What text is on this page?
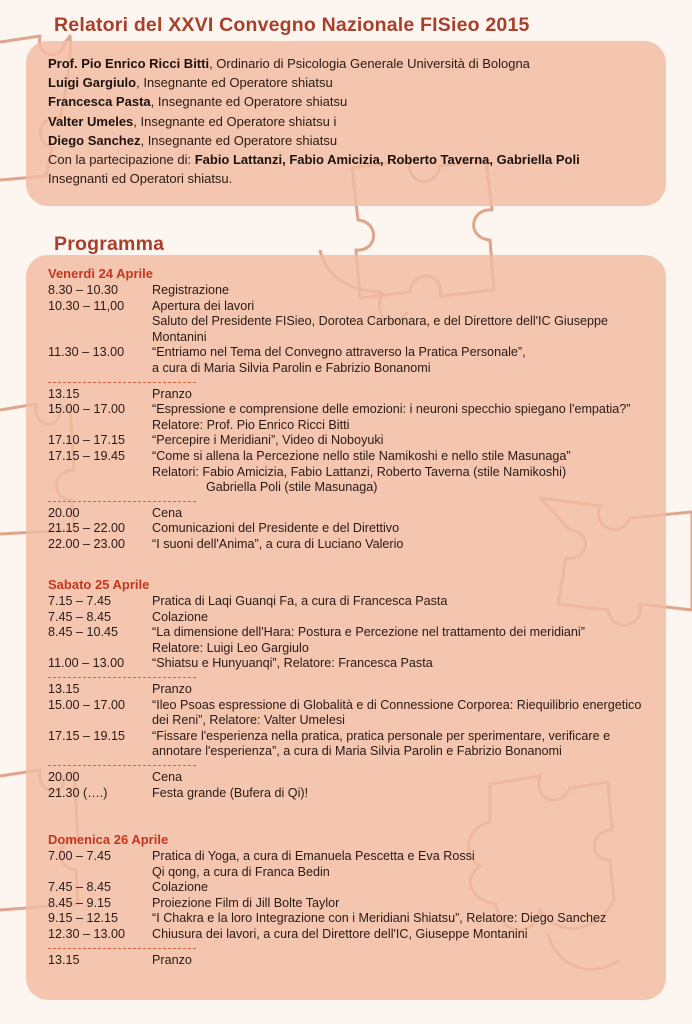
Relatori del XXVI Convegno Nazionale FISieo 2015
Prof. Pio Enrico Ricci Bitti, Ordinario di Psicologia Generale Università di Bologna
Luigi Gargiulo, Insegnante ed Operatore shiatsu
Francesca Pasta, Insegnante ed Operatore shiatsu
Valter Umeles, Insegnante ed Operatore shiatsu i
Diego Sanchez, Insegnante ed Operatore shiatsu
Con la partecipazione di: Fabio Lattanzi, Fabio Amicizia, Roberto Taverna, Gabriella Poli
Insegnanti ed Operatori shiatsu.
Programma
Venerdì 24 Aprile
8.30 – 10.30	Registrazione
10.30 – 11,00	Apertura dei lavori
Saluto del Presidente FISieo, Dorotea Carbonara, e del Direttore dell'IC Giuseppe Montanini
11.30 – 13.00	“Entriamo nel Tema del Convegno attraverso la Pratica Personale”,
a cura di Maria Silvia Parolin e Fabrizio Bonanomi
13.15	Pranzo
15.00 – 17.00	“Espressione e comprensione delle emozioni: i neuroni specchio spiegano l'empatia?” Relatore: Prof. Pio Enrico Ricci Bitti
17.10 – 17.15	“Percepire i Meridiani”, Video di Noboyuki
17.15 – 19.45	“Come si allena la Percezione nello stile Namikoshi e nello stile Masunaga”
Relatori: Fabio Amicizia, Fabio Lattanzi, Roberto Taverna (stile Namikoshi)
Gabriella Poli (stile Masunaga)
20.00	Cena
21.15 – 22.00	Comunicazioni del Presidente e del Direttivo
22.00 – 23.00	“I suoni dell'Anima”, a cura di Luciano Valerio
Sabato 25 Aprile
7.15 – 7.45	Pratica di Laqi Guanqi Fa, a cura di Francesca Pasta
7.45 – 8.45	Colazione
8.45 – 10.45	“La dimensione dell'Hara: Postura e Percezione nel trattamento dei meridiani”
Relatore: Luigi Leo Gargiulo
11.00 – 13.00	“Shiatsu e Hunyuanqi”, Relatore: Francesca Pasta
13.15	Pranzo
15.00 – 17.00	“Ileo Psoas espressione di Globalità e di Connessione Corporea: Riequilibrio energetico dei Reni”, Relatore: Valter Umelesi
17.15 – 19.15	“Fissare l'esperienza nella pratica, pratica personale per sperimentare, verificare e annotare l'esperienza”, a cura di Maria Silvia Parolin e Fabrizio Bonanomi
20.00	Cena
21.30 (….)	Festa grande (Bufera di Qi)!
Domenica 26 Aprile
7.00 – 7.45	Pratica di Yoga, a cura di Emanuela Pescetta e Eva Rossi
Qi qong, a cura di Franca Bedin
7.45 – 8.45	Colazione
8.45 – 9.15	Proiezione Film di Jill Bolte Taylor
9.15 – 12.15	“I Chakra e la loro Integrazione con i Meridiani Shiatsu”, Relatore: Diego Sanchez
12.30 – 13.00	Chiusura dei lavori, a cura del Direttore dell'IC, Giuseppe Montanini
13.15	Pranzo
